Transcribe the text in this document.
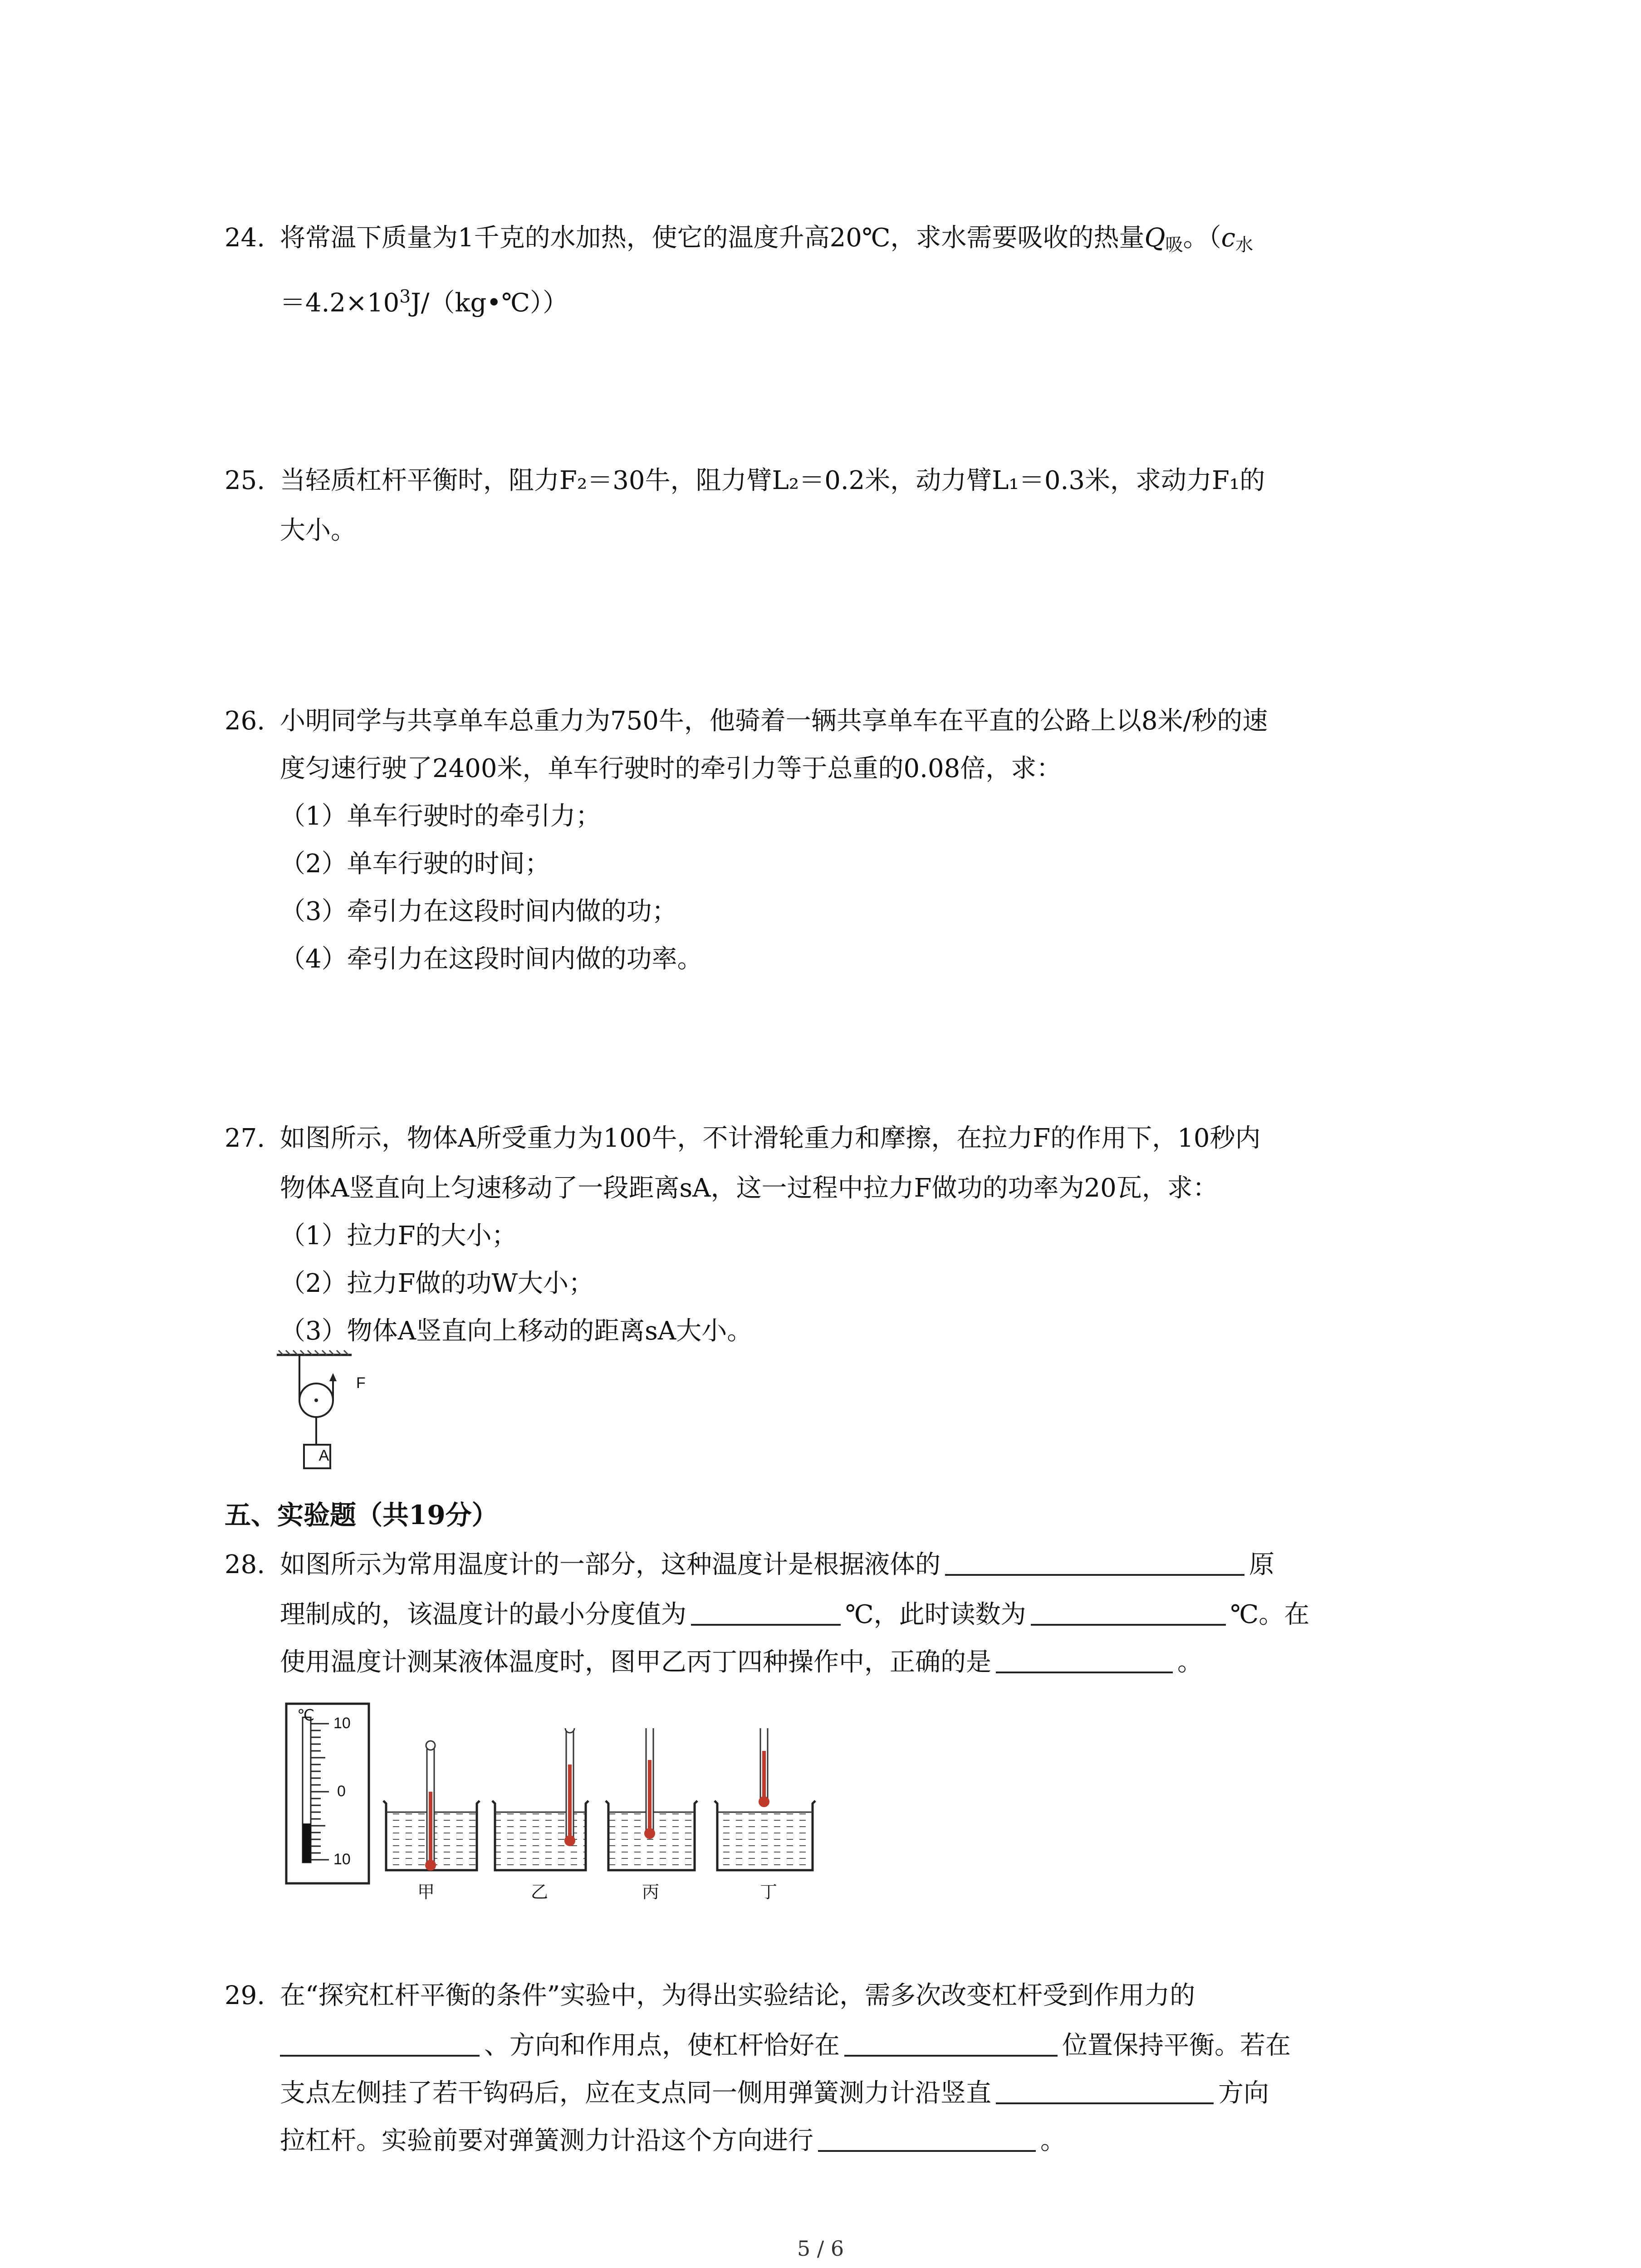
24. 将常温下质量为1千克的水加热，使它的温度升高20℃，求水需要吸收的热量$Q_吸$。（$c_水$
$=4.2\times 10^3J/(kg•℃)$）
25. 当轻质杠杆平衡时，阻力F₂＝30牛，阻力臂L₂＝0.2米，动力臂L₁＝0.3米，求动力F₁的
大小。
26. 小明同学与共享单车总重力为750牛，他骑着一辆共享单车在平直的公路上以8米/秒的速
度匀速行驶了2400米，单车行驶时的牵引力等于总重的0.08倍，求：
（1）单车行驶时的牵引力；
（2）单车行驶的时间；
（3）牵引力在这段时间内做的功；
（4）牵引力在这段时间内做的功率。
27. 如图所示，物体A所受重力为100牛，不计滑轮重力和摩擦，在拉力F的作用下，10秒内
物体A竖直向上匀速移动了一段距离sA，这一过程中拉力F做功的功率为20瓦，求：
（1）拉力F的大小；
（2）拉力F做的功W大小；
（3）物体A竖直向上移动的距离sA大小。
F
A
五、实验题（共19分）
28. 如图所示为常用温度计的一部分，这种温度计是根据液体的	原
理制成的，该温度计的最小分度值为	℃，此时读数为	℃。在
使用温度计测某液体温度时，图甲乙丙丁四种操作中，正确的是	。
℃ 10
0
10
甲	乙	丙	丁
29. 在“探究杠杆平衡的条件”实验中，为得出实验结论，需多次改变杠杆受到作用力的
、方向和作用点，使杠杆恰好在	位置保持平衡。若在
支点左侧挂了若干钩码后，应在支点同一侧用弹簧测力计沿竖直	方向
拉杠杆。实验前要对弹簧测力计沿这个方向进行	。
5 / 6
